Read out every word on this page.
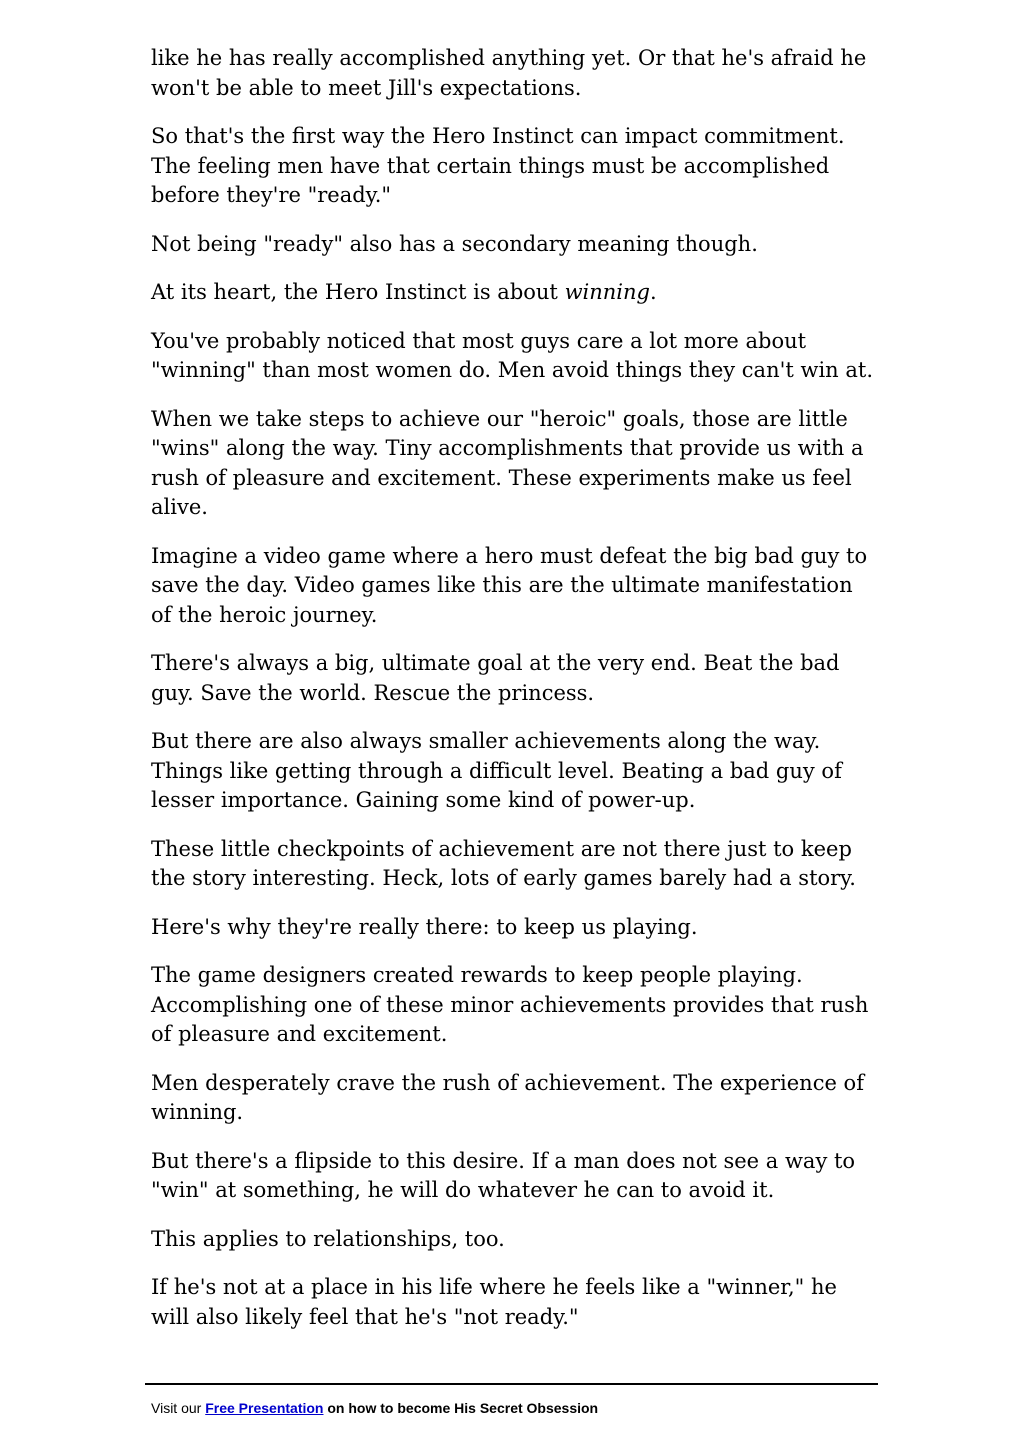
like he has really accomplished anything yet. Or that he's afraid he won't be able to meet Jill's expectations.

So that's the first way the Hero Instinct can impact commitment. The feeling men have that certain things must be accomplished before they're "ready."

Not being "ready" also has a secondary meaning though.

At its heart, the Hero Instinct is about winning.

You've probably noticed that most guys care a lot more about "winning" than most women do. Men avoid things they can't win at.

When we take steps to achieve our "heroic" goals, those are little "wins" along the way. Tiny accomplishments that provide us with a rush of pleasure and excitement. These experiments make us feel alive.

Imagine a video game where a hero must defeat the big bad guy to save the day. Video games like this are the ultimate manifestation of the heroic journey.

There's always a big, ultimate goal at the very end. Beat the bad guy. Save the world. Rescue the princess.

But there are also always smaller achievements along the way. Things like getting through a difficult level. Beating a bad guy of lesser importance. Gaining some kind of power-up.

These little checkpoints of achievement are not there just to keep the story interesting. Heck, lots of early games barely had a story.

Here's why they're really there: to keep us playing.

The game designers created rewards to keep people playing. Accomplishing one of these minor achievements provides that rush of pleasure and excitement.

Men desperately crave the rush of achievement. The experience of winning.

But there's a flipside to this desire. If a man does not see a way to "win" at something, he will do whatever he can to avoid it.

This applies to relationships, too.

If he's not at a place in his life where he feels like a "winner," he will also likely feel that he's "not ready."

Visit our Free Presentation on how to become His Secret Obsession
